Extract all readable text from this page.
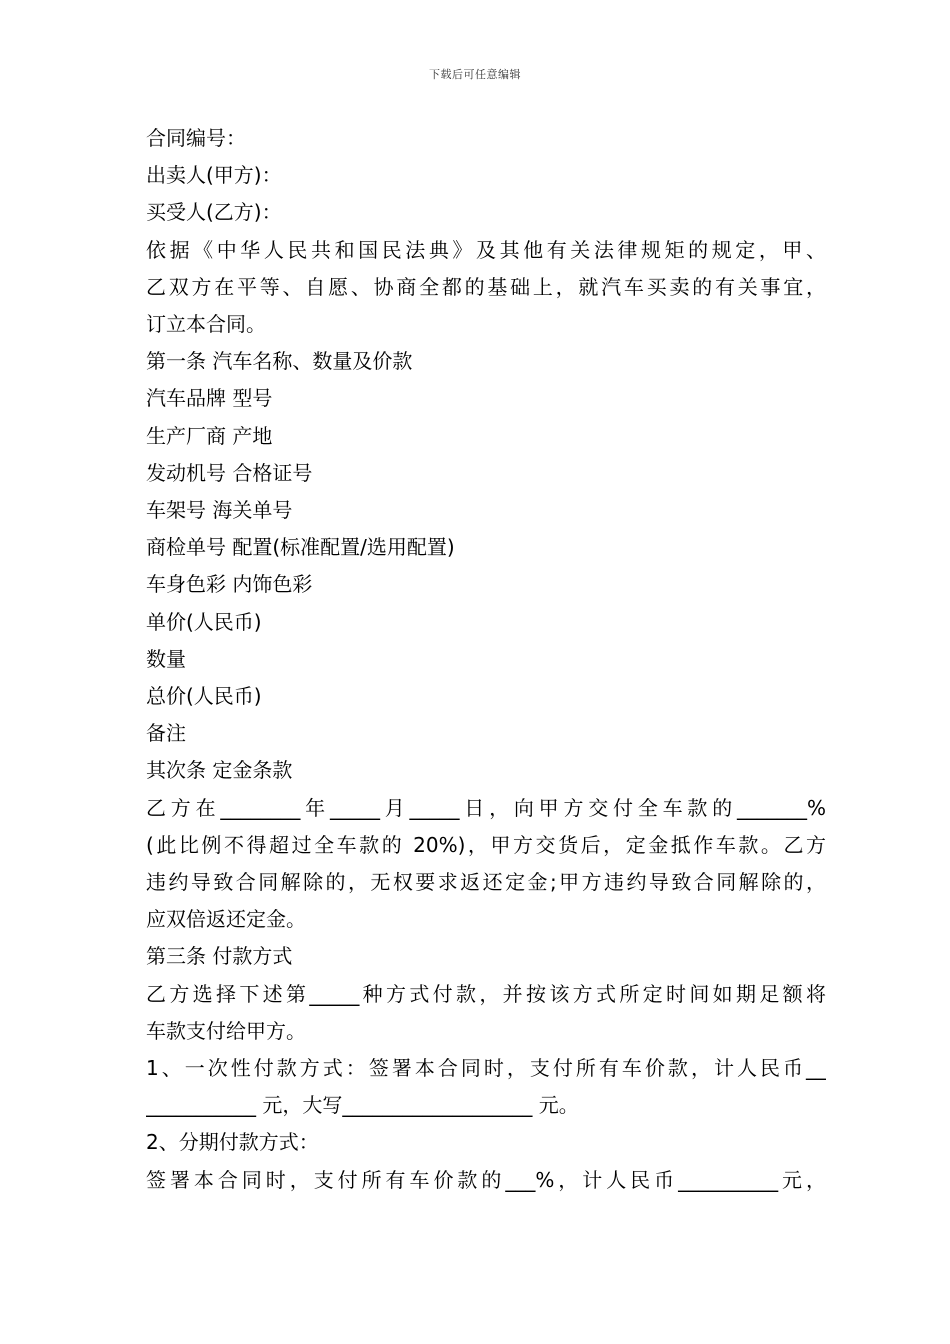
下载后可任意编辑
合同编号：
出卖人(甲方)：
买受人(乙方)：
依据《中华人民共和国民法典》及其他有关法律规矩的规定，甲、
乙双方在平等、自愿、协商全都的基础上，就汽车买卖的有关事宜，
订立本合同。
第一条 汽车名称、数量及价款
汽车品牌 型号
生产厂商 产地
发动机号 合格证号
车架号 海关单号
商检单号 配置(标准配置/选用配置)
车身色彩 内饰色彩
单价(人民币)
数量
总价(人民币)
备注
其次条 定金条款
乙方在________年_____月_____日，向甲方交付全车款的_______%
(此比例不得超过全车款的 20%)，甲方交货后，定金抵作车款。乙方
违约导致合同解除的，无权要求返还定金;甲方违约导致合同解除的，
应双倍返还定金。
第三条 付款方式
乙方选择下述第_____种方式付款，并按该方式所定时间如期足额将
车款支付给甲方。
1、一次性付款方式：签署本合同时，支付所有车价款，计人民币__
___________ 元，大写___________________ 元。
2、分期付款方式：
签署本合同时，支付所有车价款的___%，计人民币__________元，
